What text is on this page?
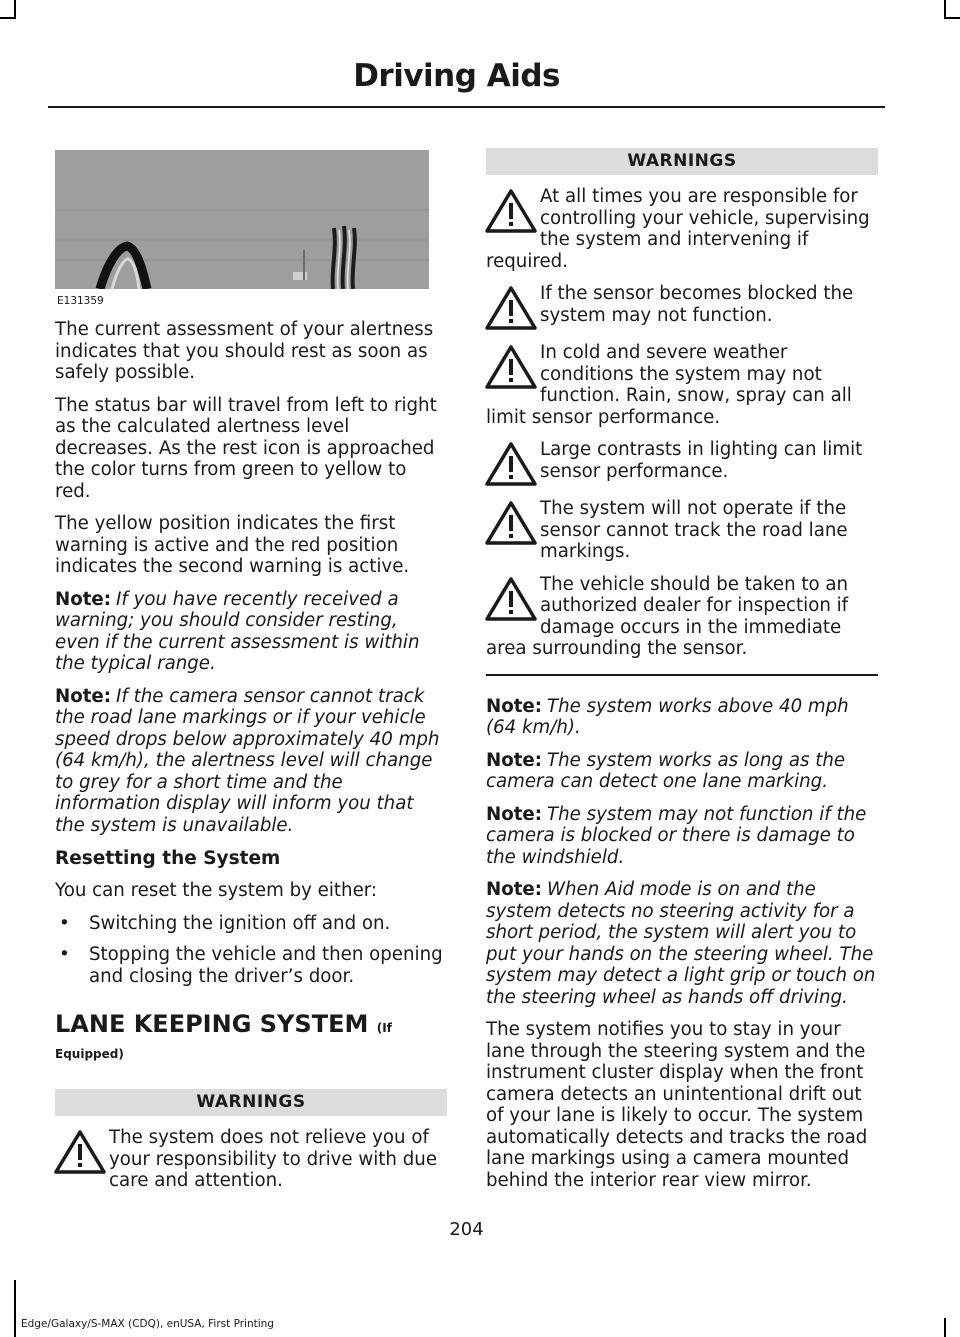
Driving Aids
E131359

The current assessment of your alertness indicates that you should rest as soon as safely possible.

The status bar will travel from left to right as the calculated alertness level decreases. As the rest icon is approached the color turns from green to yellow to red.

The yellow position indicates the first warning is active and the red position indicates the second warning is active.

Note: If you have recently received a warning; you should consider resting, even if the current assessment is within the typical range.

Note: If the camera sensor cannot track the road lane markings or if your vehicle speed drops below approximately 40 mph (64 km/h), the alertness level will change to grey for a short time and the information display will inform you that the system is unavailable.

Resetting the System

You can reset the system by either:

• Switching the ignition off and on.
• Stopping the vehicle and then opening and closing the driver’s door.
LANE KEEPING SYSTEM (If
Equipped)
WARNINGS
The system does not relieve you of your responsibility to drive with due care and attention.
WARNINGS
At all times you are responsible for controlling your vehicle, supervising the system and intervening if required.
If the sensor becomes blocked the system may not function.
In cold and severe weather conditions the system may not function. Rain, snow, spray can all limit sensor performance.
Large contrasts in lighting can limit sensor performance.
The system will not operate if the sensor cannot track the road lane markings.
The vehicle should be taken to an authorized dealer for inspection if damage occurs in the immediate area surrounding the sensor.

Note: The system works above 40 mph (64 km/h).

Note: The system works as long as the camera can detect one lane marking.

Note: The system may not function if the camera is blocked or there is damage to the windshield.

Note: When Aid mode is on and the system detects no steering activity for a short period, the system will alert you to put your hands on the steering wheel. The system may detect a light grip or touch on the steering wheel as hands off driving.

The system notifies you to stay in your lane through the steering system and the instrument cluster display when the front camera detects an unintentional drift out of your lane is likely to occur. The system automatically detects and tracks the road lane markings using a camera mounted behind the interior rear view mirror.

204
Edge/Galaxy/S-MAX (CDQ), enUSA, First Printing
